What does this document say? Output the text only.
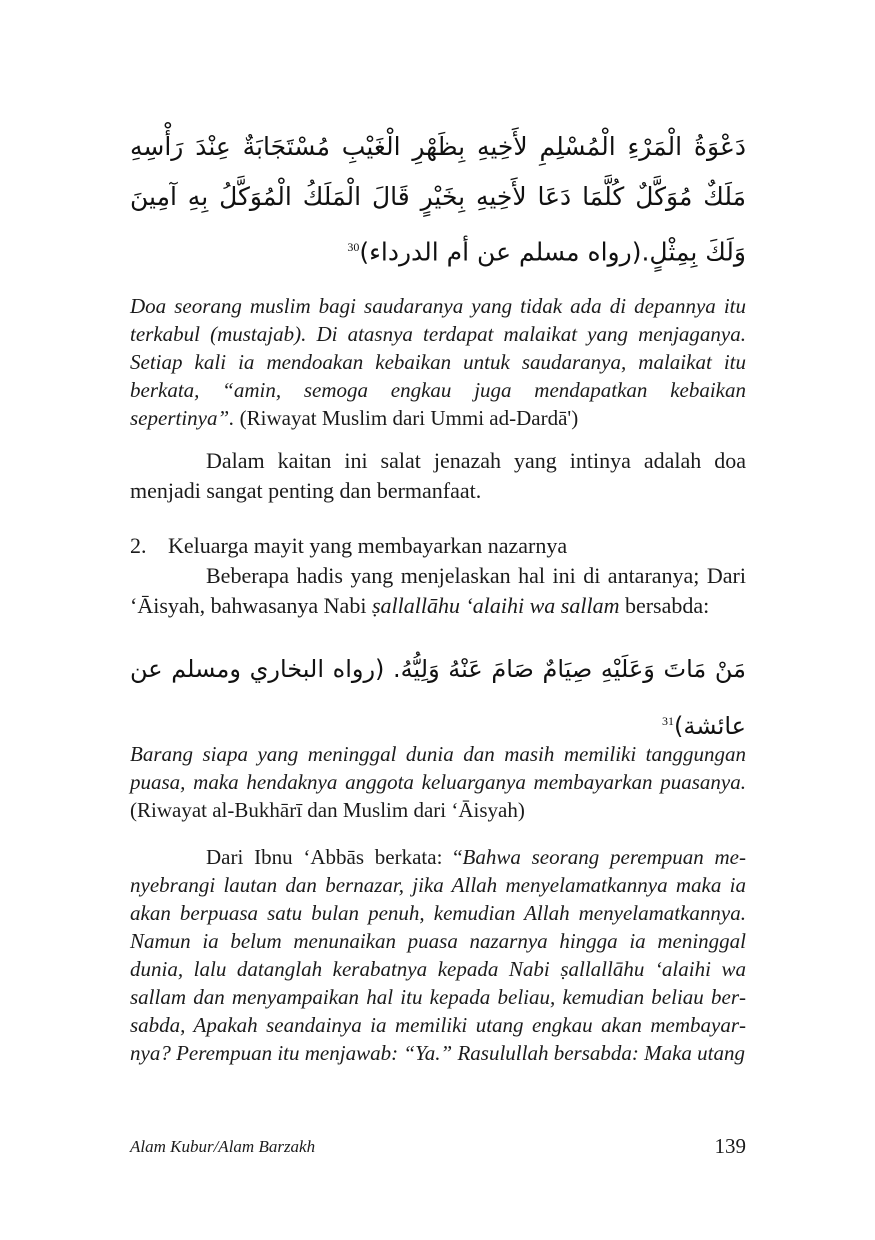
دَعْوَةُ الْمَرْءِ الْمُسْلِمِ لأَخِيهِ بِظَهْرِ الْغَيْبِ مُسْتَجَابَةٌ عِنْدَ رَأْسِهِ مَلَكٌ مُوَكَّلٌ كُلَّمَا دَعَا لأَخِيهِ بِخَيْرٍ قَالَ الْمَلَكُ الْمُوَكَّلُ بِهِ آمِينَ وَلَكَ بِمِثْلٍ.(رواه مسلم عن أم الدرداء)$^{30}$
Doa seorang muslim bagi saudaranya yang tidak ada di depannya itu terkabul (mustajab). Di atasnya terdapat malaikat yang menjaganya. Setiap kali ia mendoakan kebaikan untuk saudaranya, malaikat itu berkata, “amin, semoga engkau juga mendapatkan kebaikan sepertinya”. (Riwayat Muslim dari Ummi ad-Dardā')
Dalam kaitan ini salat jenazah yang intinya adalah doa menjadi sangat penting dan bermanfaat.
2. Keluarga mayit yang membayarkan nazarnya
Beberapa hadis yang menjelaskan hal ini di antaranya; Dari ‘Āisyah, bahwasanya Nabi ṣallallāhu ‘alaihi wa sallam bersabda:
مَنْ مَاتَ وَعَلَيْهِ صِيَامٌ صَامَ عَنْهُ وَلِيُّهُ. (رواه البخاري ومسلم عن عائشة)$^{31}$
Barang siapa yang meninggal dunia dan masih memiliki tanggungan puasa, maka hendaknya anggota keluarganya membayarkan puasanya. (Riwayat al-Bukhārī dan Muslim dari ‘Āisyah)
Dari Ibnu ‘Abbās berkata: “Bahwa seorang perempuan menyebrangi lautan dan bernazar, jika Allah menyelamatkannya maka ia akan berpuasa satu bulan penuh, kemudian Allah menyelamatkannya. Namun ia belum menunaikan puasa nazarnya hingga ia meninggal dunia, lalu datanglah kerabatnya kepada Nabi ṣallallāhu ‘alaihi wa sallam dan menyampaikan hal itu kepada beliau, kemudian beliau bersabda, Apakah seandainya ia memiliki utang engkau akan membayarnya? Perempuan itu menjawab: “Ya.” Rasulullah bersabda: Maka utang
Alam Kubur/Alam Barzakh	139
